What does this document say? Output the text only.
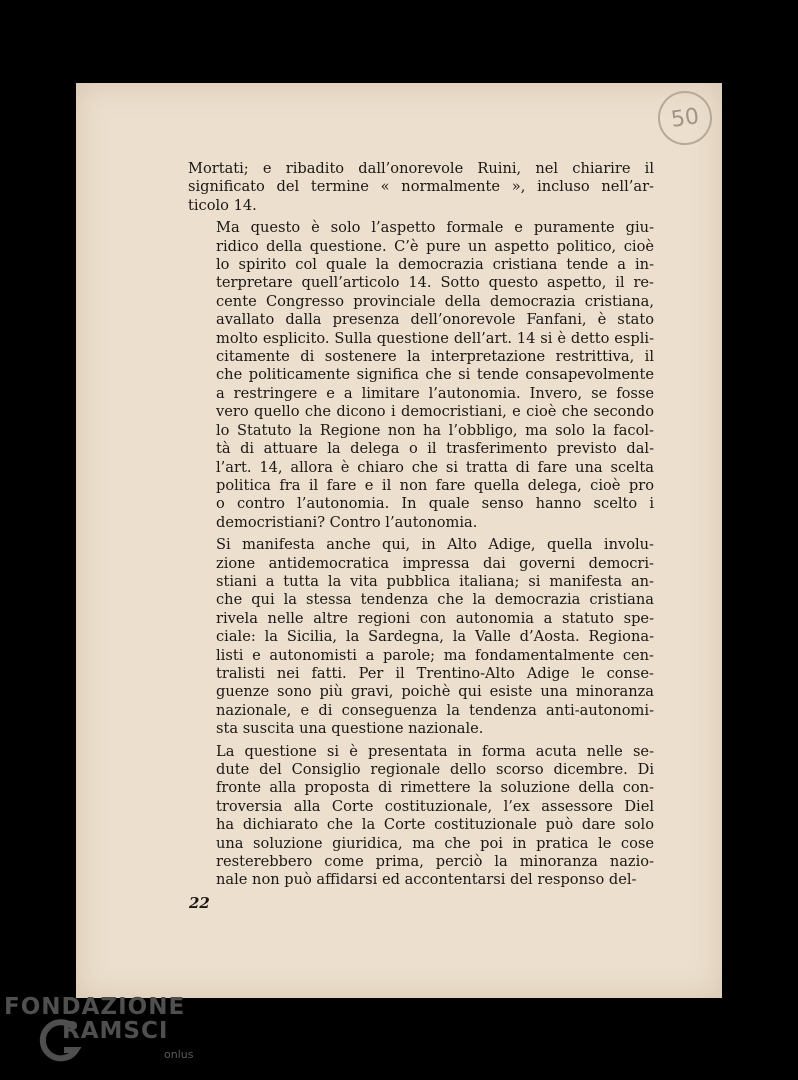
50

Mortati; e ribadito dall’onorevole Ruini, nel chiarire il
significato del termine « normalmente », incluso nell’ar-
ticolo 14.

Ma questo è solo l’aspetto formale e puramente giu-
ridico della questione. C’è pure un aspetto politico, cioè
lo spirito col quale la democrazia cristiana tende a in-
terpretare quell’articolo 14. Sotto questo aspetto, il re-
cente Congresso provinciale della democrazia cristiana,
avallato dalla presenza dell’onorevole Fanfani, è stato
molto esplicito. Sulla questione dell’art. 14 si è detto espli-
citamente di sostenere la interpretazione restrittiva, il
che politicamente significa che si tende consapevolmente
a restringere e a limitare l’autonomia. Invero, se fosse
vero quello che dicono i democristiani, e cioè che secondo
lo Statuto la Regione non ha l’obbligo, ma solo la facol-
tà di attuare la delega o il trasferimento previsto dal-
l’art. 14, allora è chiaro che si tratta di fare una scelta
politica fra il fare e il non fare quella delega, cioè pro
o contro l’autonomia. In quale senso hanno scelto i
democristiani? Contro l’autonomia.

Si manifesta anche qui, in Alto Adige, quella involu-
zione antidemocratica impressa dai governi democri-
stiani a tutta la vita pubblica italiana; si manifesta an-
che qui la stessa tendenza che la democrazia cristiana
rivela nelle altre regioni con autonomia a statuto spe-
ciale: la Sicilia, la Sardegna, la Valle d’Aosta. Regiona-
listi e autonomisti a parole; ma fondamentalmente cen-
tralisti nei fatti. Per il Trentino-Alto Adige le conse-
guenze sono più gravi, poichè qui esiste una minoranza
nazionale, e di conseguenza la tendenza anti-autonomi-
sta suscita una questione nazionale.

La questione si è presentata in forma acuta nelle se-
dute del Consiglio regionale dello scorso dicembre. Di
fronte alla proposta di rimettere la soluzione della con-
troversia alla Corte costituzionale, l’ex assessore Diel
ha dichiarato che la Corte costituzionale può dare solo
una soluzione giuridica, ma che poi in pratica le cose
resterebbero come prima, perciò la minoranza nazio-
nale non può affidarsi ed accontentarsi del responso del-

22
FONDAZIONE
RAMSCI
onlus
